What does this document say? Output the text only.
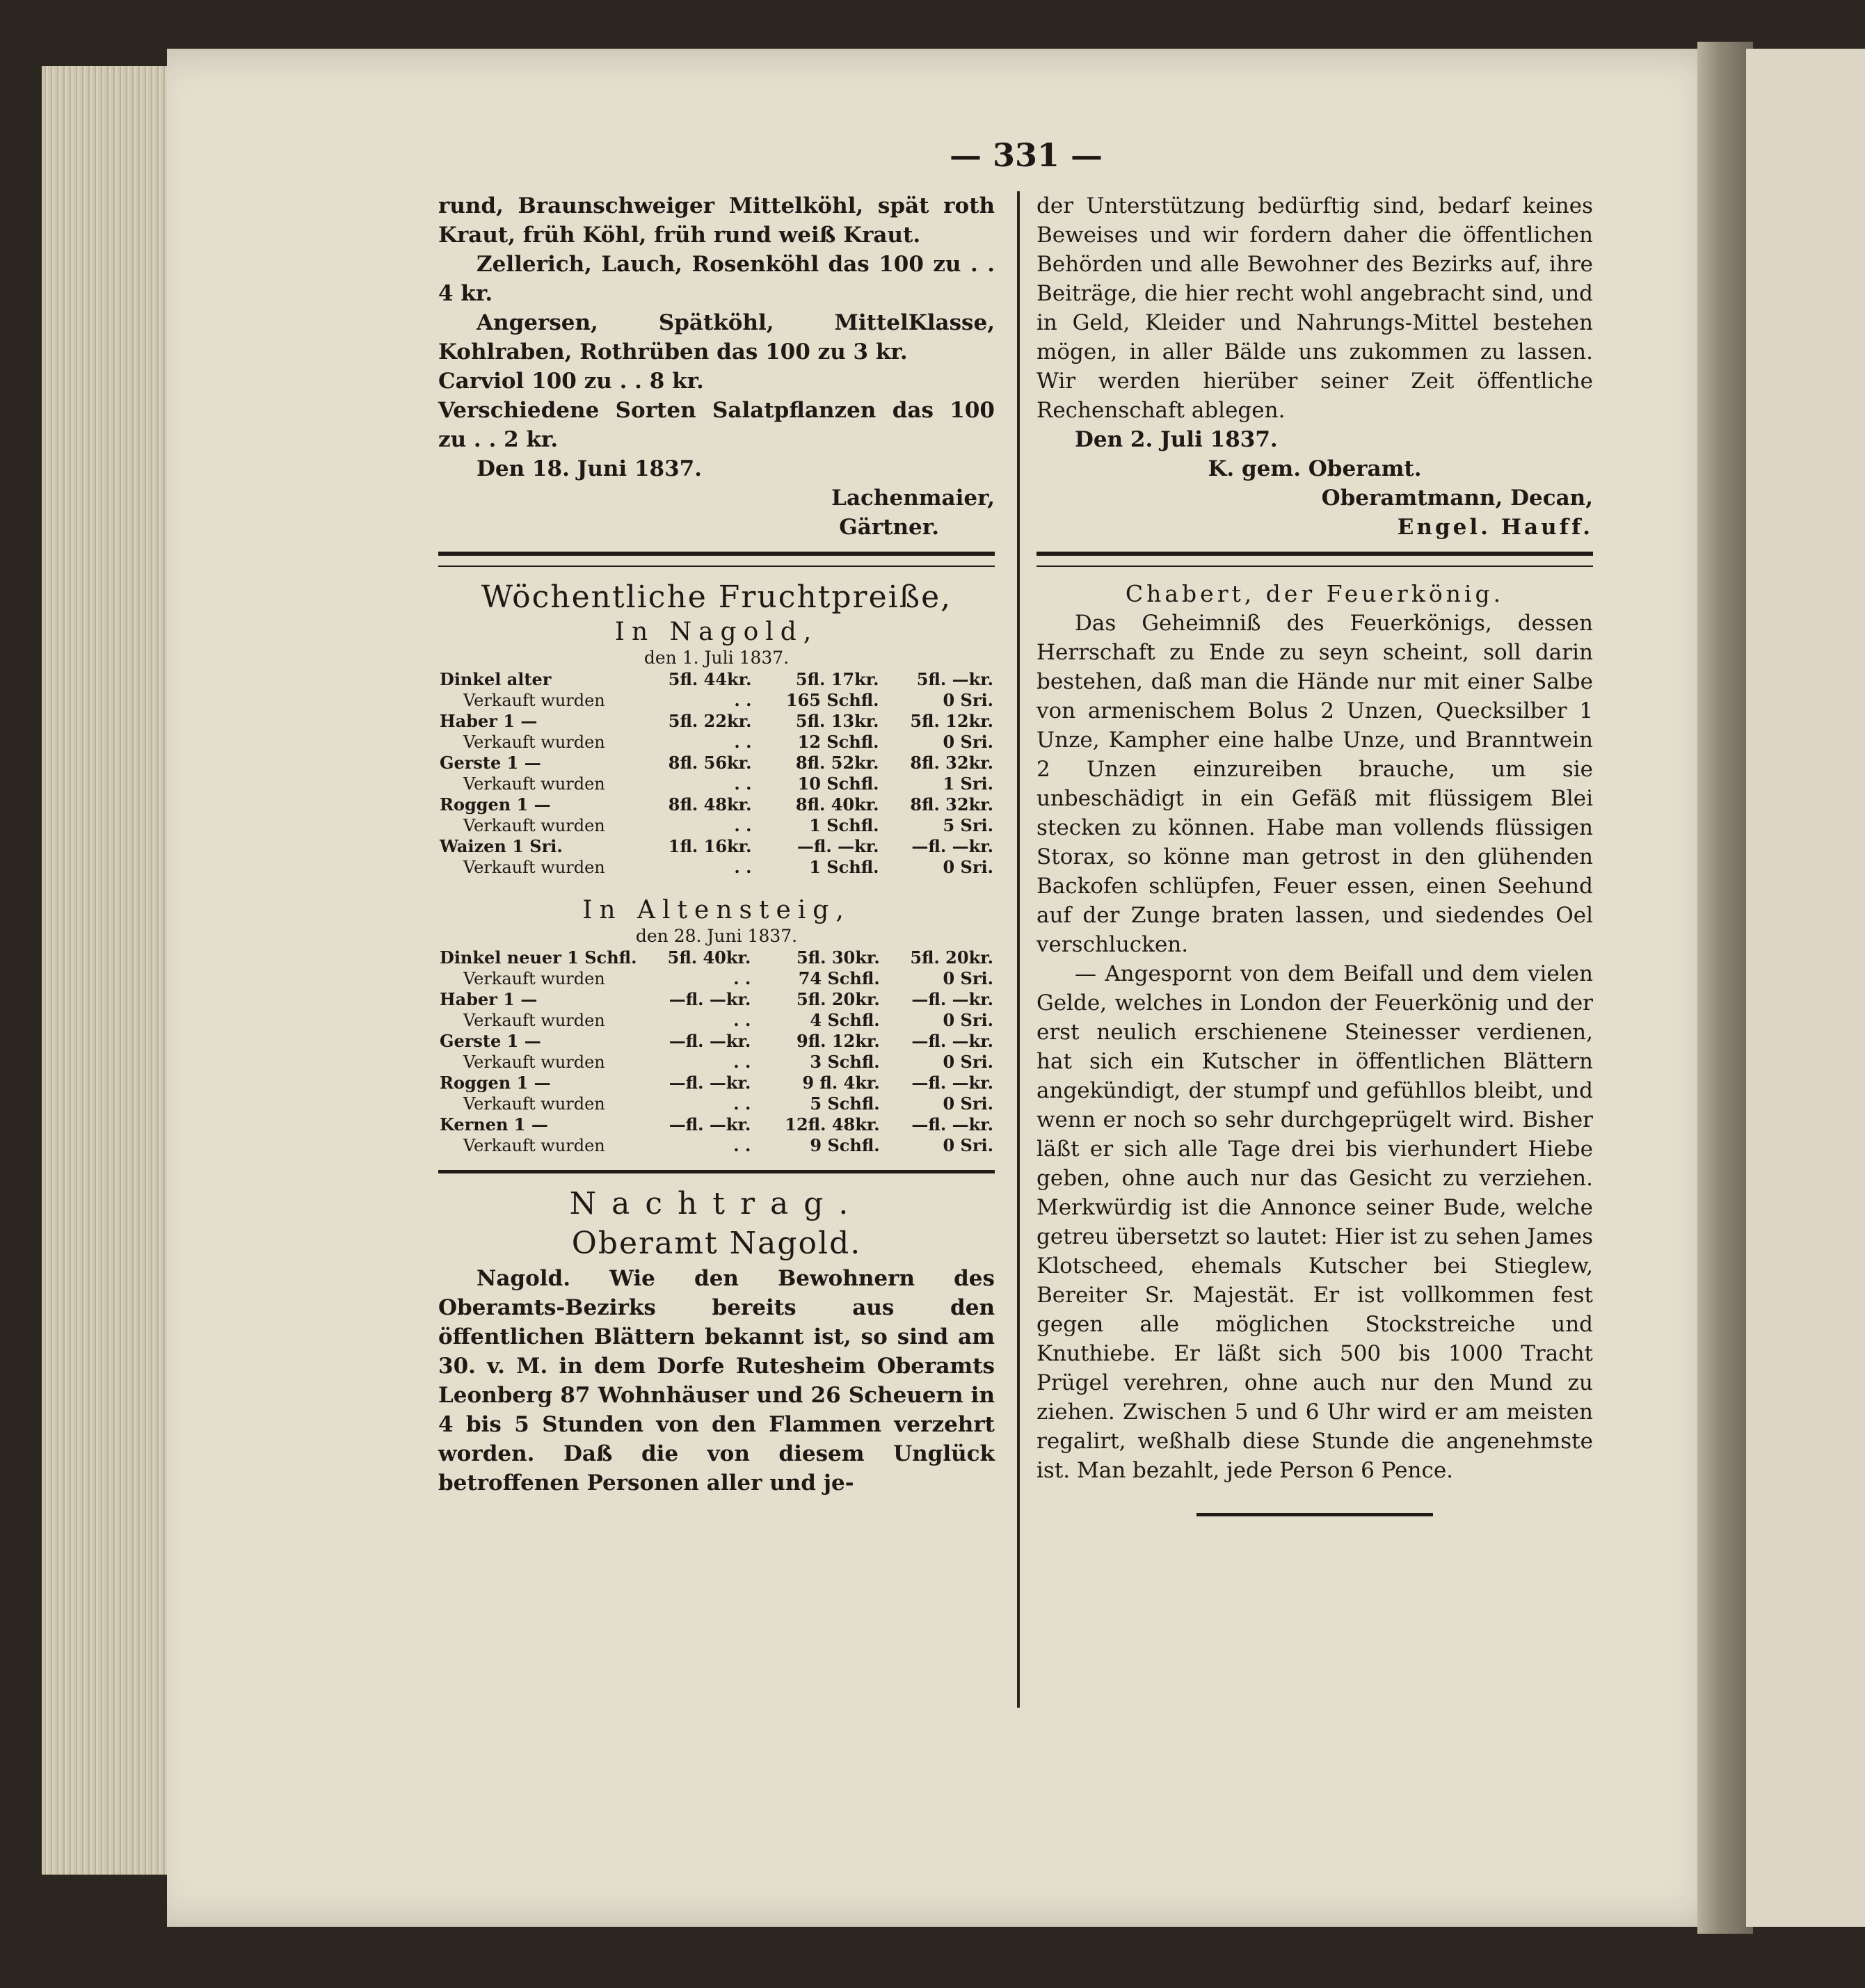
— 331 —

rund, Braunschweiger Mittelköhl, spät roth Kraut, früh Köhl, früh rund weiß Kraut.

Zellerich, Lauch, Rosenköhl das 100 zu . . 4 kr.

Angersen, Spätköhl, MittelKlasse, Kohlraben, Rothrüben das 100 zu 3 kr.

Carviol 100 zu . . 8 kr.

Verschiedene Sorten Salatpflanzen das 100 zu . . 2 kr.

Den 18. Juni 1837.

Lachenmaier,

Gärtner.

Wöchentliche Fruchtpreiße,
In Nagold,
den 1. Juli 1837.
Dinkel alter	5fl. 44kr.	5fl. 17kr.	5fl. —kr.
Verkauft wurden	. .	165 Schfl.	0 Sri.
Haber 1 —	5fl. 22kr.	5fl. 13kr.	5fl. 12kr.
Verkauft wurden	. .	12 Schfl.	0 Sri.
Gerste 1 —	8fl. 56kr.	8fl. 52kr.	8fl. 32kr.
Verkauft wurden	. .	10 Schfl.	1 Sri.
Roggen 1 —	8fl. 48kr.	8fl. 40kr.	8fl. 32kr.
Verkauft wurden	. .	1 Schfl.	5 Sri.
Waizen 1 Sri.	1fl. 16kr.	—fl. —kr.	—fl. —kr.
Verkauft wurden	. .	1 Schfl.	0 Sri.
In Altensteig,
den 28. Juni 1837.
Dinkel neuer 1 Schfl.	5fl. 40kr.	5fl. 30kr.	5fl. 20kr.
Verkauft wurden	. .	74 Schfl.	0 Sri.
Haber 1 —	—fl. —kr.	5fl. 20kr.	—fl. —kr.
Verkauft wurden	. .	4 Schfl.	0 Sri.
Gerste 1 —	—fl. —kr.	9fl. 12kr.	—fl. —kr.
Verkauft wurden	. .	3 Schfl.	0 Sri.
Roggen 1 —	—fl. —kr.	9 fl. 4kr.	—fl. —kr.
Verkauft wurden	. .	5 Schfl.	0 Sri.
Kernen 1 —	—fl. —kr.	12fl. 48kr.	—fl. —kr.
Verkauft wurden	. .	9 Schfl.	0 Sri.
Nachtrag.
Oberamt Nagold.

Nagold. Wie den Bewohnern des Oberamts-Bezirks bereits aus den öffentlichen Blättern bekannt ist, so sind am 30. v. M. in dem Dorfe Rutesheim Oberamts Leonberg 87 Wohnhäuser und 26 Scheuern in 4 bis 5 Stunden von den Flammen verzehrt worden. Daß die von diesem Unglück betroffenen Personen aller und je-

der Unterstützung bedürftig sind, bedarf keines Beweises und wir fordern daher die öffentlichen Behörden und alle Bewohner des Bezirks auf, ihre Beiträge, die hier recht wohl angebracht sind, und in Geld, Kleider und Nahrungs-Mittel bestehen mögen, in aller Bälde uns zukommen zu lassen. Wir werden hierüber seiner Zeit öffentliche Rechenschaft ablegen.

Den 2. Juli 1837.

K. gem. Oberamt.

Oberamtmann, Decan,

Engel. Hauff.

Chabert, der Feuerkönig.

Das Geheimniß des Feuerkönigs, dessen Herrschaft zu Ende zu seyn scheint, soll darin bestehen, daß man die Hände nur mit einer Salbe von armenischem Bolus 2 Unzen, Quecksilber 1 Unze, Kampher eine halbe Unze, und Branntwein 2 Unzen einzureiben brauche, um sie unbeschädigt in ein Gefäß mit flüssigem Blei stecken zu können. Habe man vollends flüssigen Storax, so könne man getrost in den glühenden Backofen schlüpfen, Feuer essen, einen Seehund auf der Zunge braten lassen, und siedendes Oel verschlucken.

— Angespornt von dem Beifall und dem vielen Gelde, welches in London der Feuerkönig und der erst neulich erschienene Steinesser verdienen, hat sich ein Kutscher in öffentlichen Blättern angekündigt, der stumpf und gefühllos bleibt, und wenn er noch so sehr durchgeprügelt wird. Bisher läßt er sich alle Tage drei bis vierhundert Hiebe geben, ohne auch nur das Gesicht zu verziehen. Merkwürdig ist die Annonce seiner Bude, welche getreu übersetzt so lautet: Hier ist zu sehen James Klotscheed, ehemals Kutscher bei Stieglew, Bereiter Sr. Majestät. Er ist vollkommen fest gegen alle möglichen Stockstreiche und Knuthiebe. Er läßt sich 500 bis 1000 Tracht Prügel verehren, ohne auch nur den Mund zu ziehen. Zwischen 5 und 6 Uhr wird er am meisten regalirt, weßhalb diese Stunde die angenehmste ist. Man bezahlt, jede Person 6 Pence.
